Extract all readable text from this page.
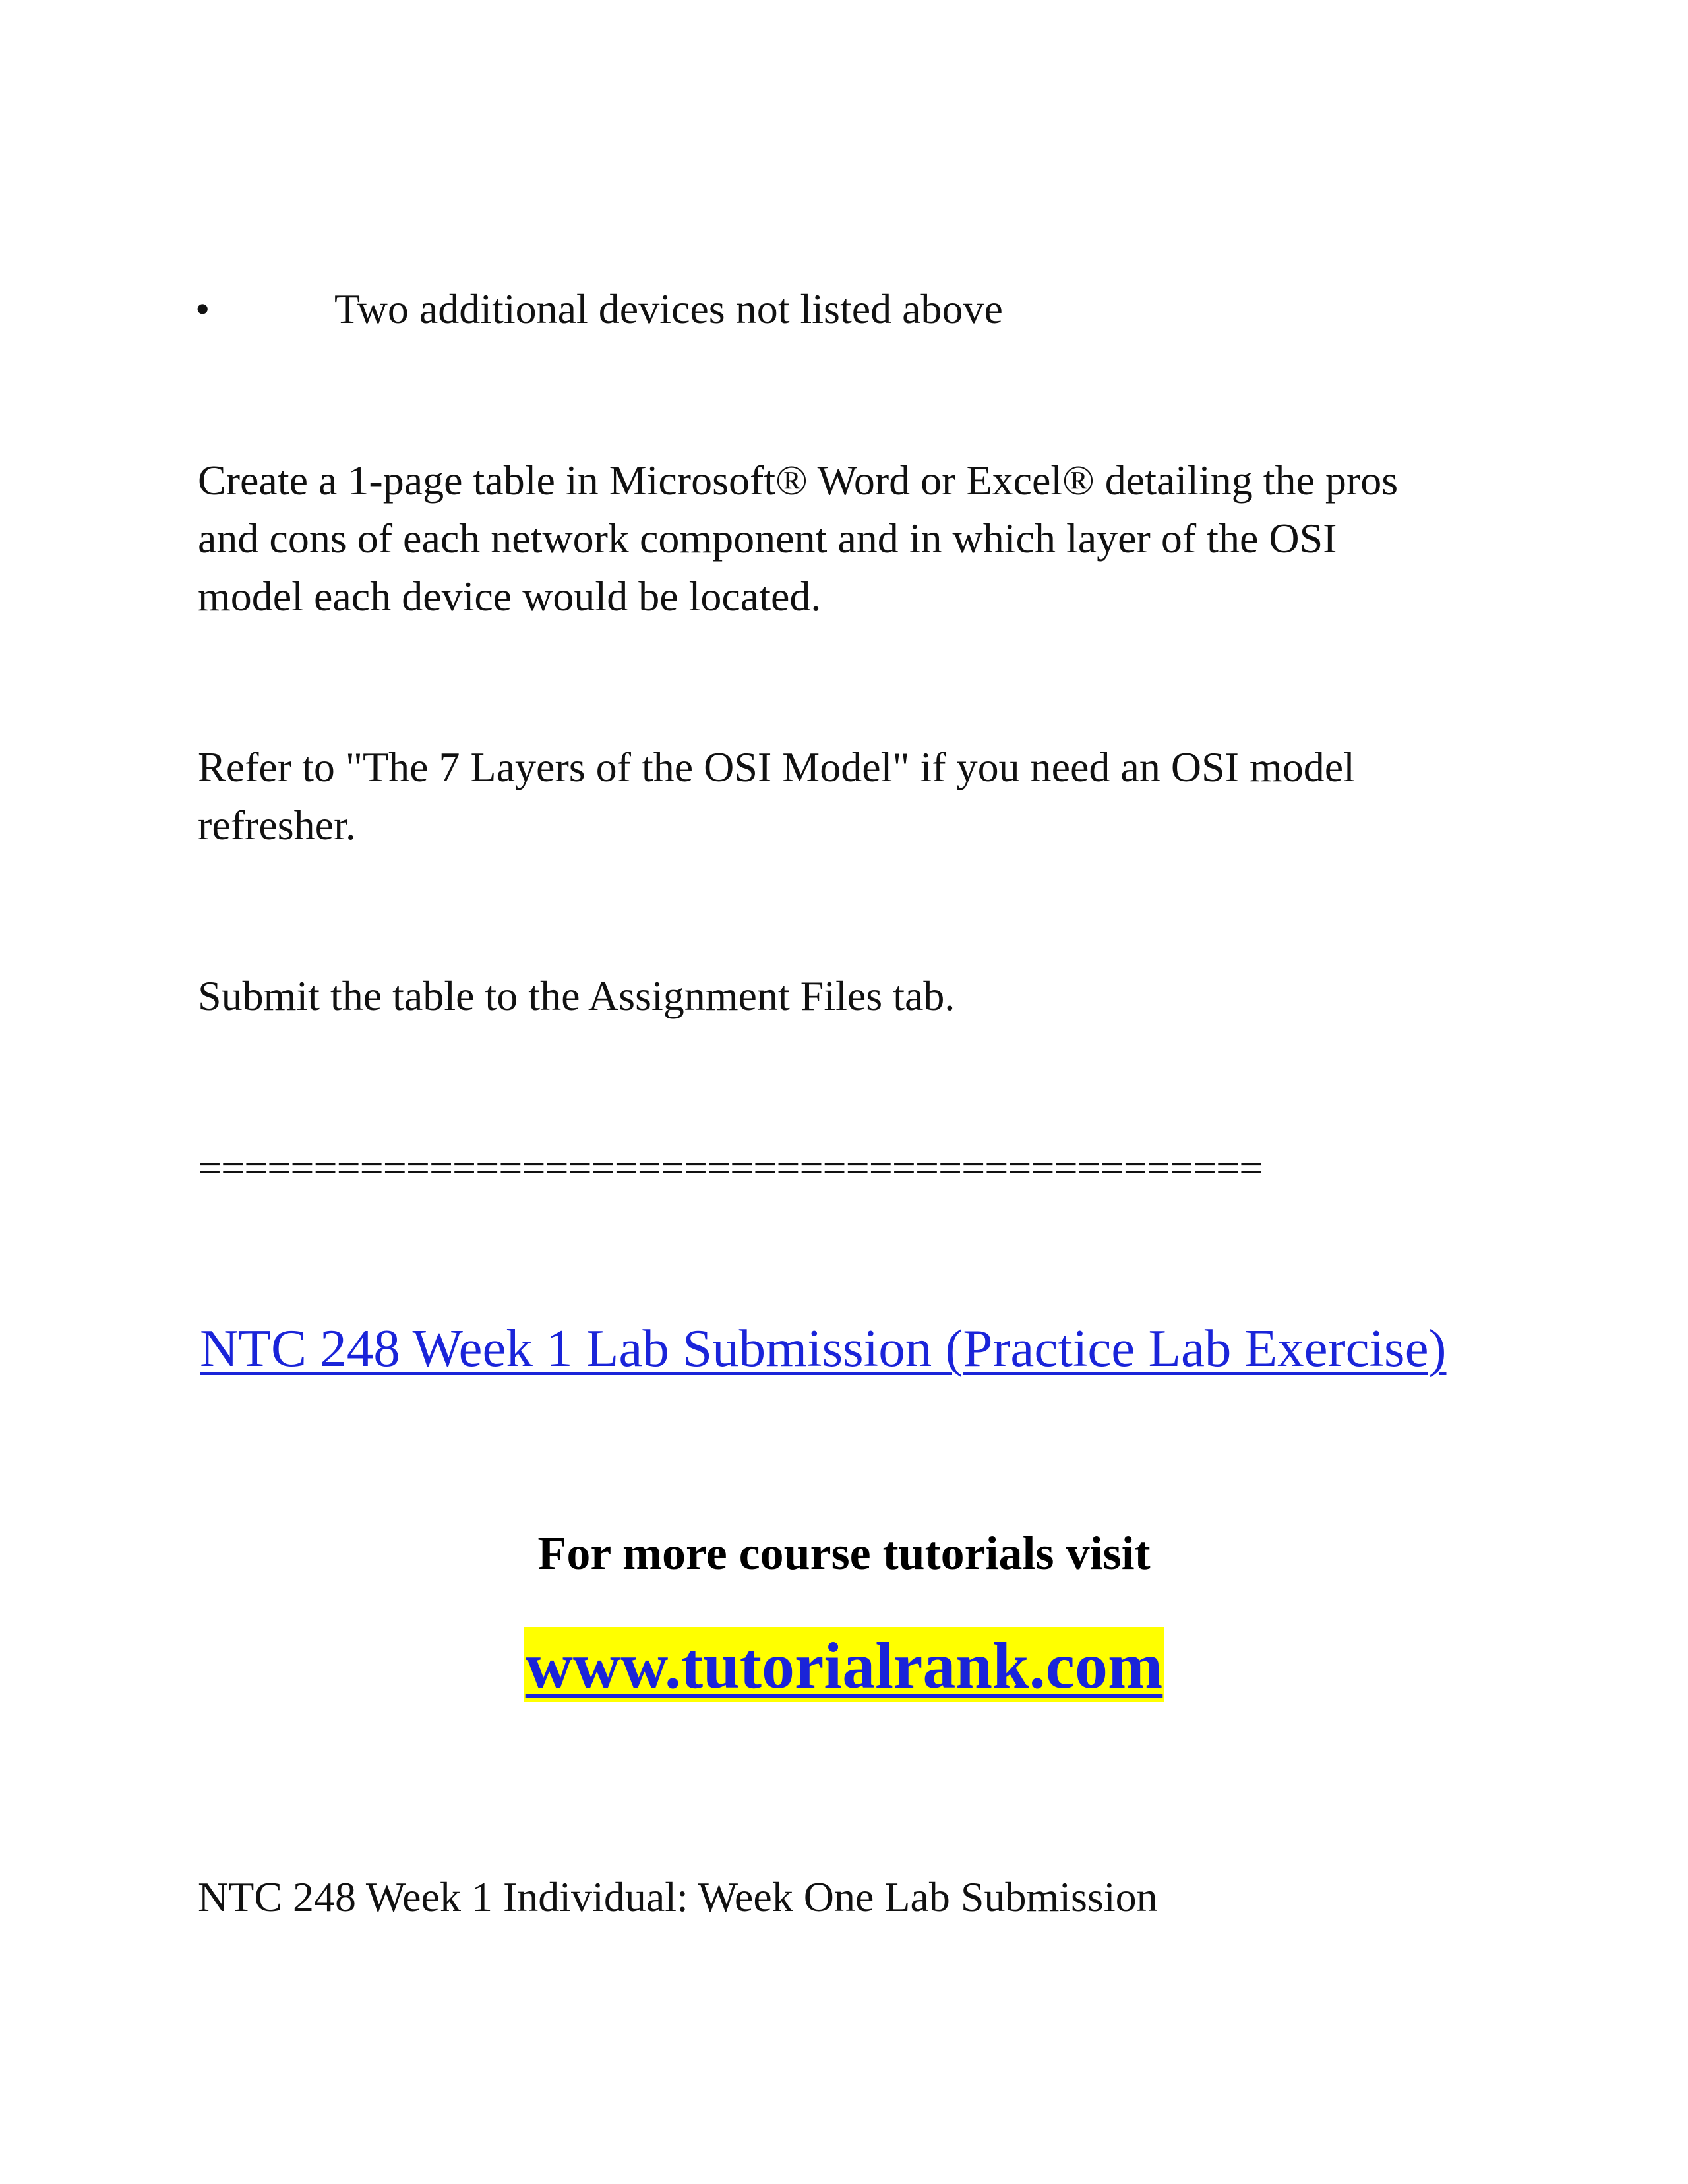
•	Two additional devices not listed above
Create a 1-page table in Microsoft® Word or Excel® detailing the pros
and cons of each network component and in which layer of the OSI
model each device would be located.
Refer to "The 7 Layers of the OSI Model" if you need an OSI model
refresher.
Submit the table to the Assignment Files tab.
==============================================
NTC 248 Week 1 Lab Submission (Practice Lab Exercise)
For more course tutorials visit
www.tutorialrank.com
NTC 248 Week 1 Individual: Week One Lab Submission
